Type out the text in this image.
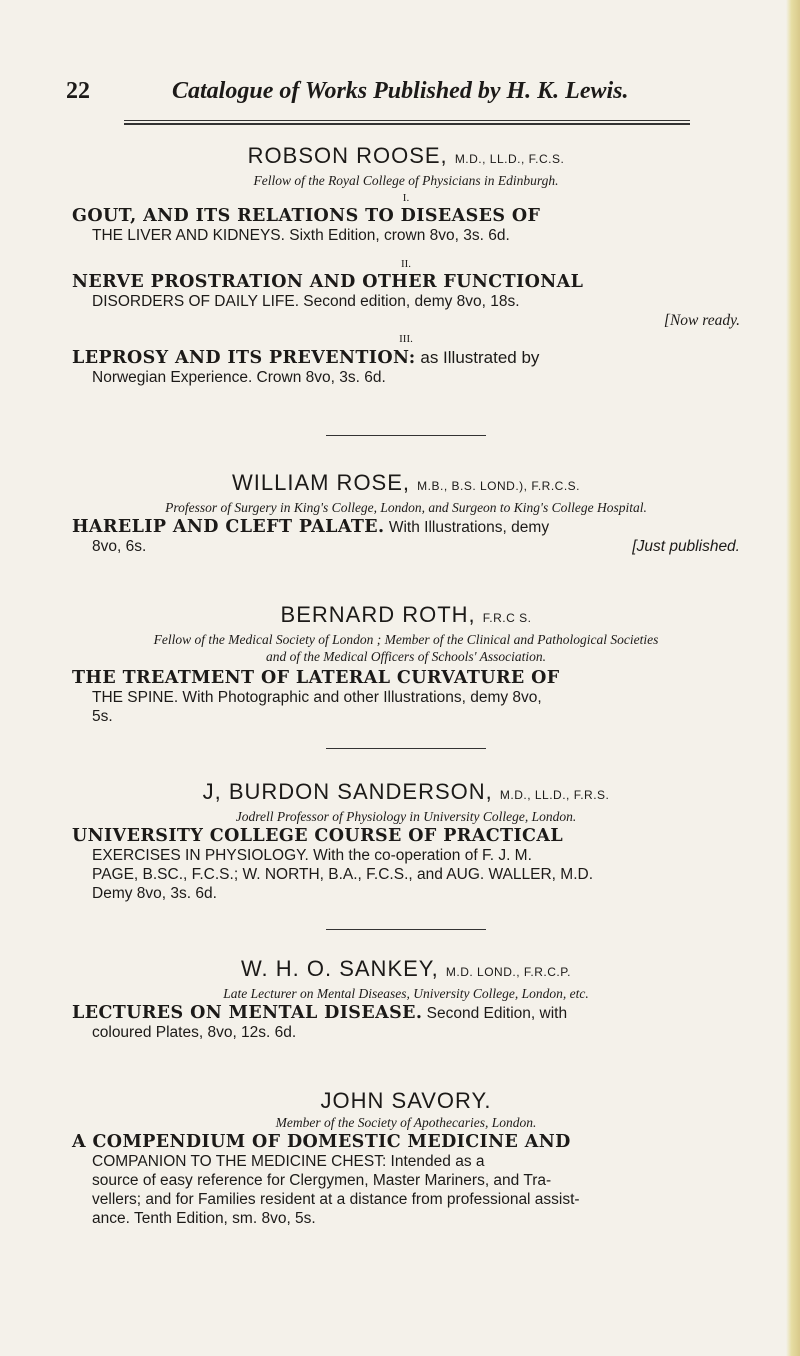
22	Catalogue of Works Published by H. K. Lewis.
ROBSON ROOSE, M.D., LL.D., F.C.S.
Fellow of the Royal College of Physicians in Edinburgh.
I.
GOUT, AND ITS RELATIONS TO DISEASES OF
THE LIVER AND KIDNEYS. Sixth Edition, crown 8vo, 3s. 6d.
II.
NERVE PROSTRATION AND OTHER FUNCTIONAL
DISORDERS OF DAILY LIFE. Second edition, demy 8vo, 18s.
[Now ready.
III.
LEPROSY AND ITS PREVENTION: as Illustrated by
Norwegian Experience. Crown 8vo, 3s. 6d.
WILLIAM ROSE, M.B., B.S. LOND.), F.R.C.S.
Professor of Surgery in King's College, London, and Surgeon to King's College Hospital.
HARELIP AND CLEFT PALATE. With Illustrations, demy
8vo, 6s.	[Just published.
BERNARD ROTH, F.R.C S.
Fellow of the Medical Society of London ; Member of the Clinical and Pathological Societies
and of the Medical Officers of Schools' Association.
THE TREATMENT OF LATERAL CURVATURE OF
THE SPINE. With Photographic and other Illustrations, demy 8vo,
5s.
J, BURDON SANDERSON, M.D., LL.D., F.R.S.
Jodrell Professor of Physiology in University College, London.
UNIVERSITY COLLEGE COURSE OF PRACTICAL
EXERCISES IN PHYSIOLOGY. With the co-operation of F. J. M.
PAGE, B.SC., F.C.S.; W. NORTH, B.A., F.C.S., and AUG. WALLER, M.D.
Demy 8vo, 3s. 6d.
W. H. O. SANKEY, M.D. LOND., F.R.C.P.
Late Lecturer on Mental Diseases, University College, London, etc.
LECTURES ON MENTAL DISEASE. Second Edition, with
coloured Plates, 8vo, 12s. 6d.
JOHN SAVORY.
Member of the Society of Apothecaries, London.
A COMPENDIUM OF DOMESTIC MEDICINE AND
COMPANION TO THE MEDICINE CHEST: Intended as a
source of easy reference for Clergymen, Master Mariners, and Tra-
vellers; and for Families resident at a distance from professional assist-
ance. Tenth Edition, sm. 8vo, 5s.
